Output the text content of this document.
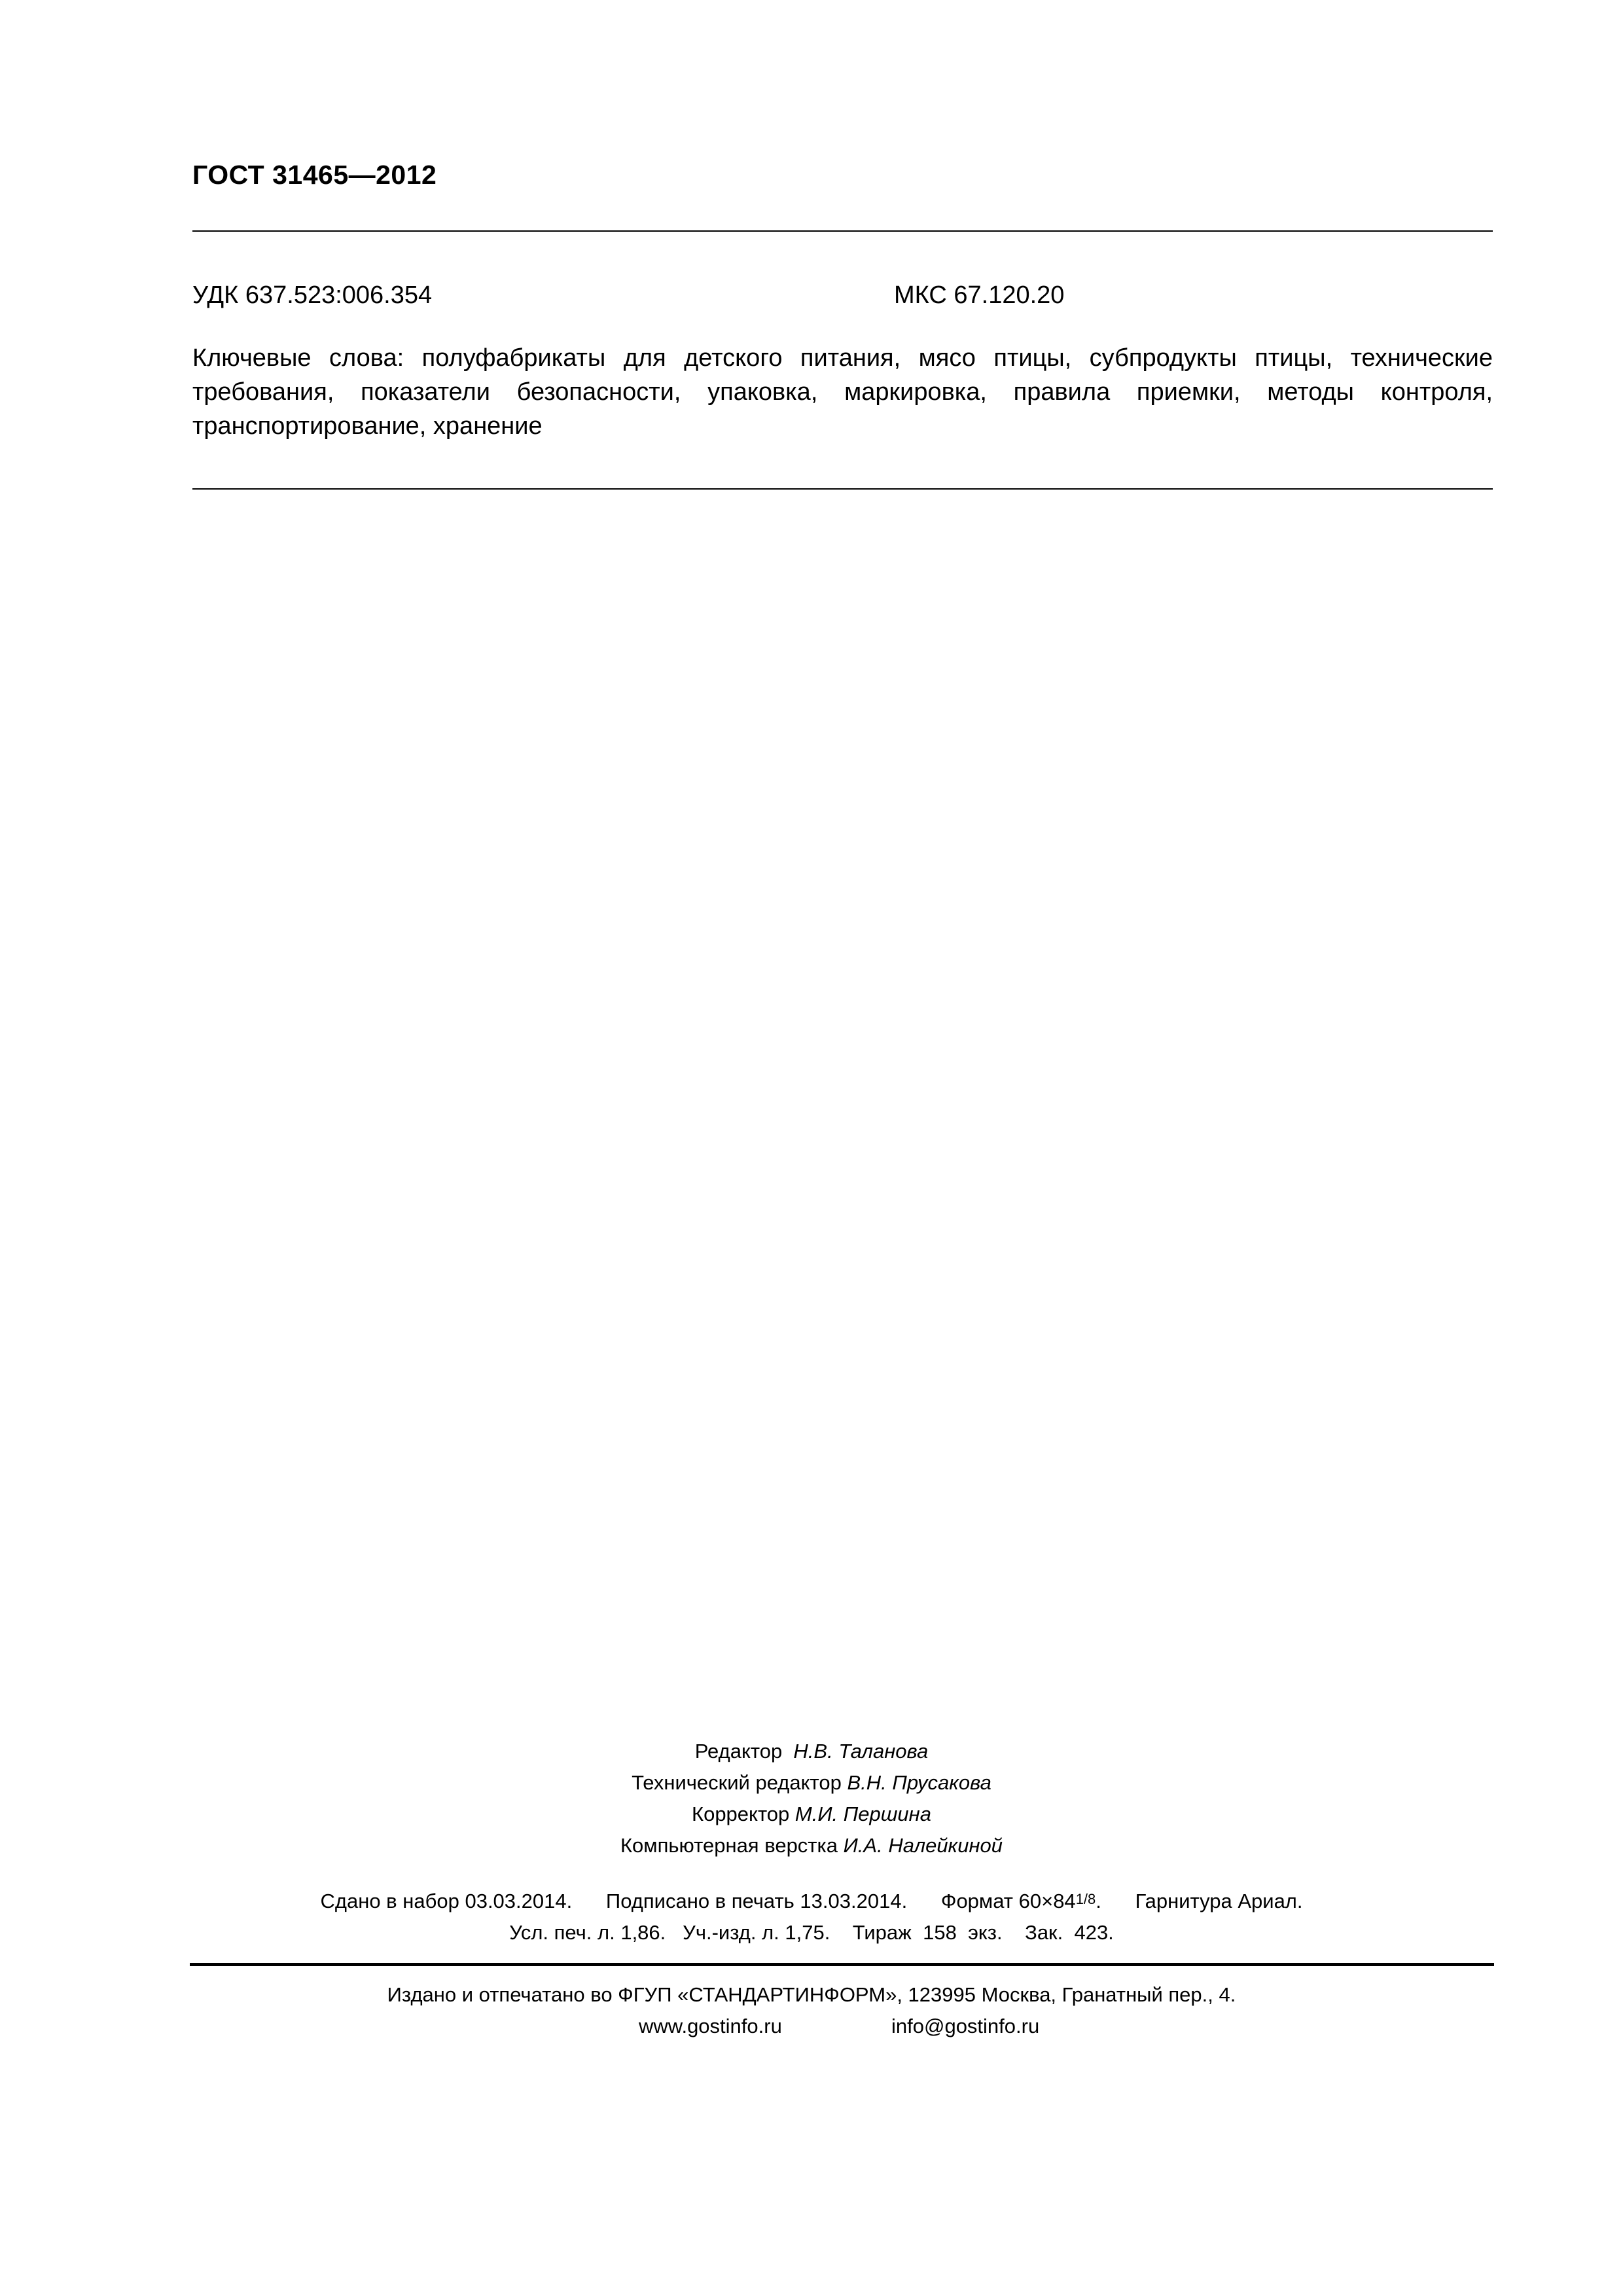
ГОСТ 31465—2012
УДК 637.523:006.354	МКС 67.120.20
Ключевые слова: полуфабрикаты для детского питания, мясо птицы, субпродукты птицы, технические
требования, показатели безопасности, упаковка, маркировка, правила приемки, методы контроля,
транспортирование, хранение
Редактор Н.В. Таланова
Технический редактор В.Н. Прусакова
Корректор М.И. Першина
Компьютерная верстка И.А. Налейкиной
Сдано в набор 03.03.2014. Подписано в печать 13.03.2014. Формат 60×841/8.      Гарнитура Ариал.
Усл. печ. л. 1,86. Уч.-изд. л. 1,75. Тираж  158  экз. Зак.  423.
Издано и отпечатано во ФГУП «СТАНДАРТИНФОРМ», 123995 Москва, Гранатный пер., 4.
www.gostinfo.ru	info@gostinfo.ru
